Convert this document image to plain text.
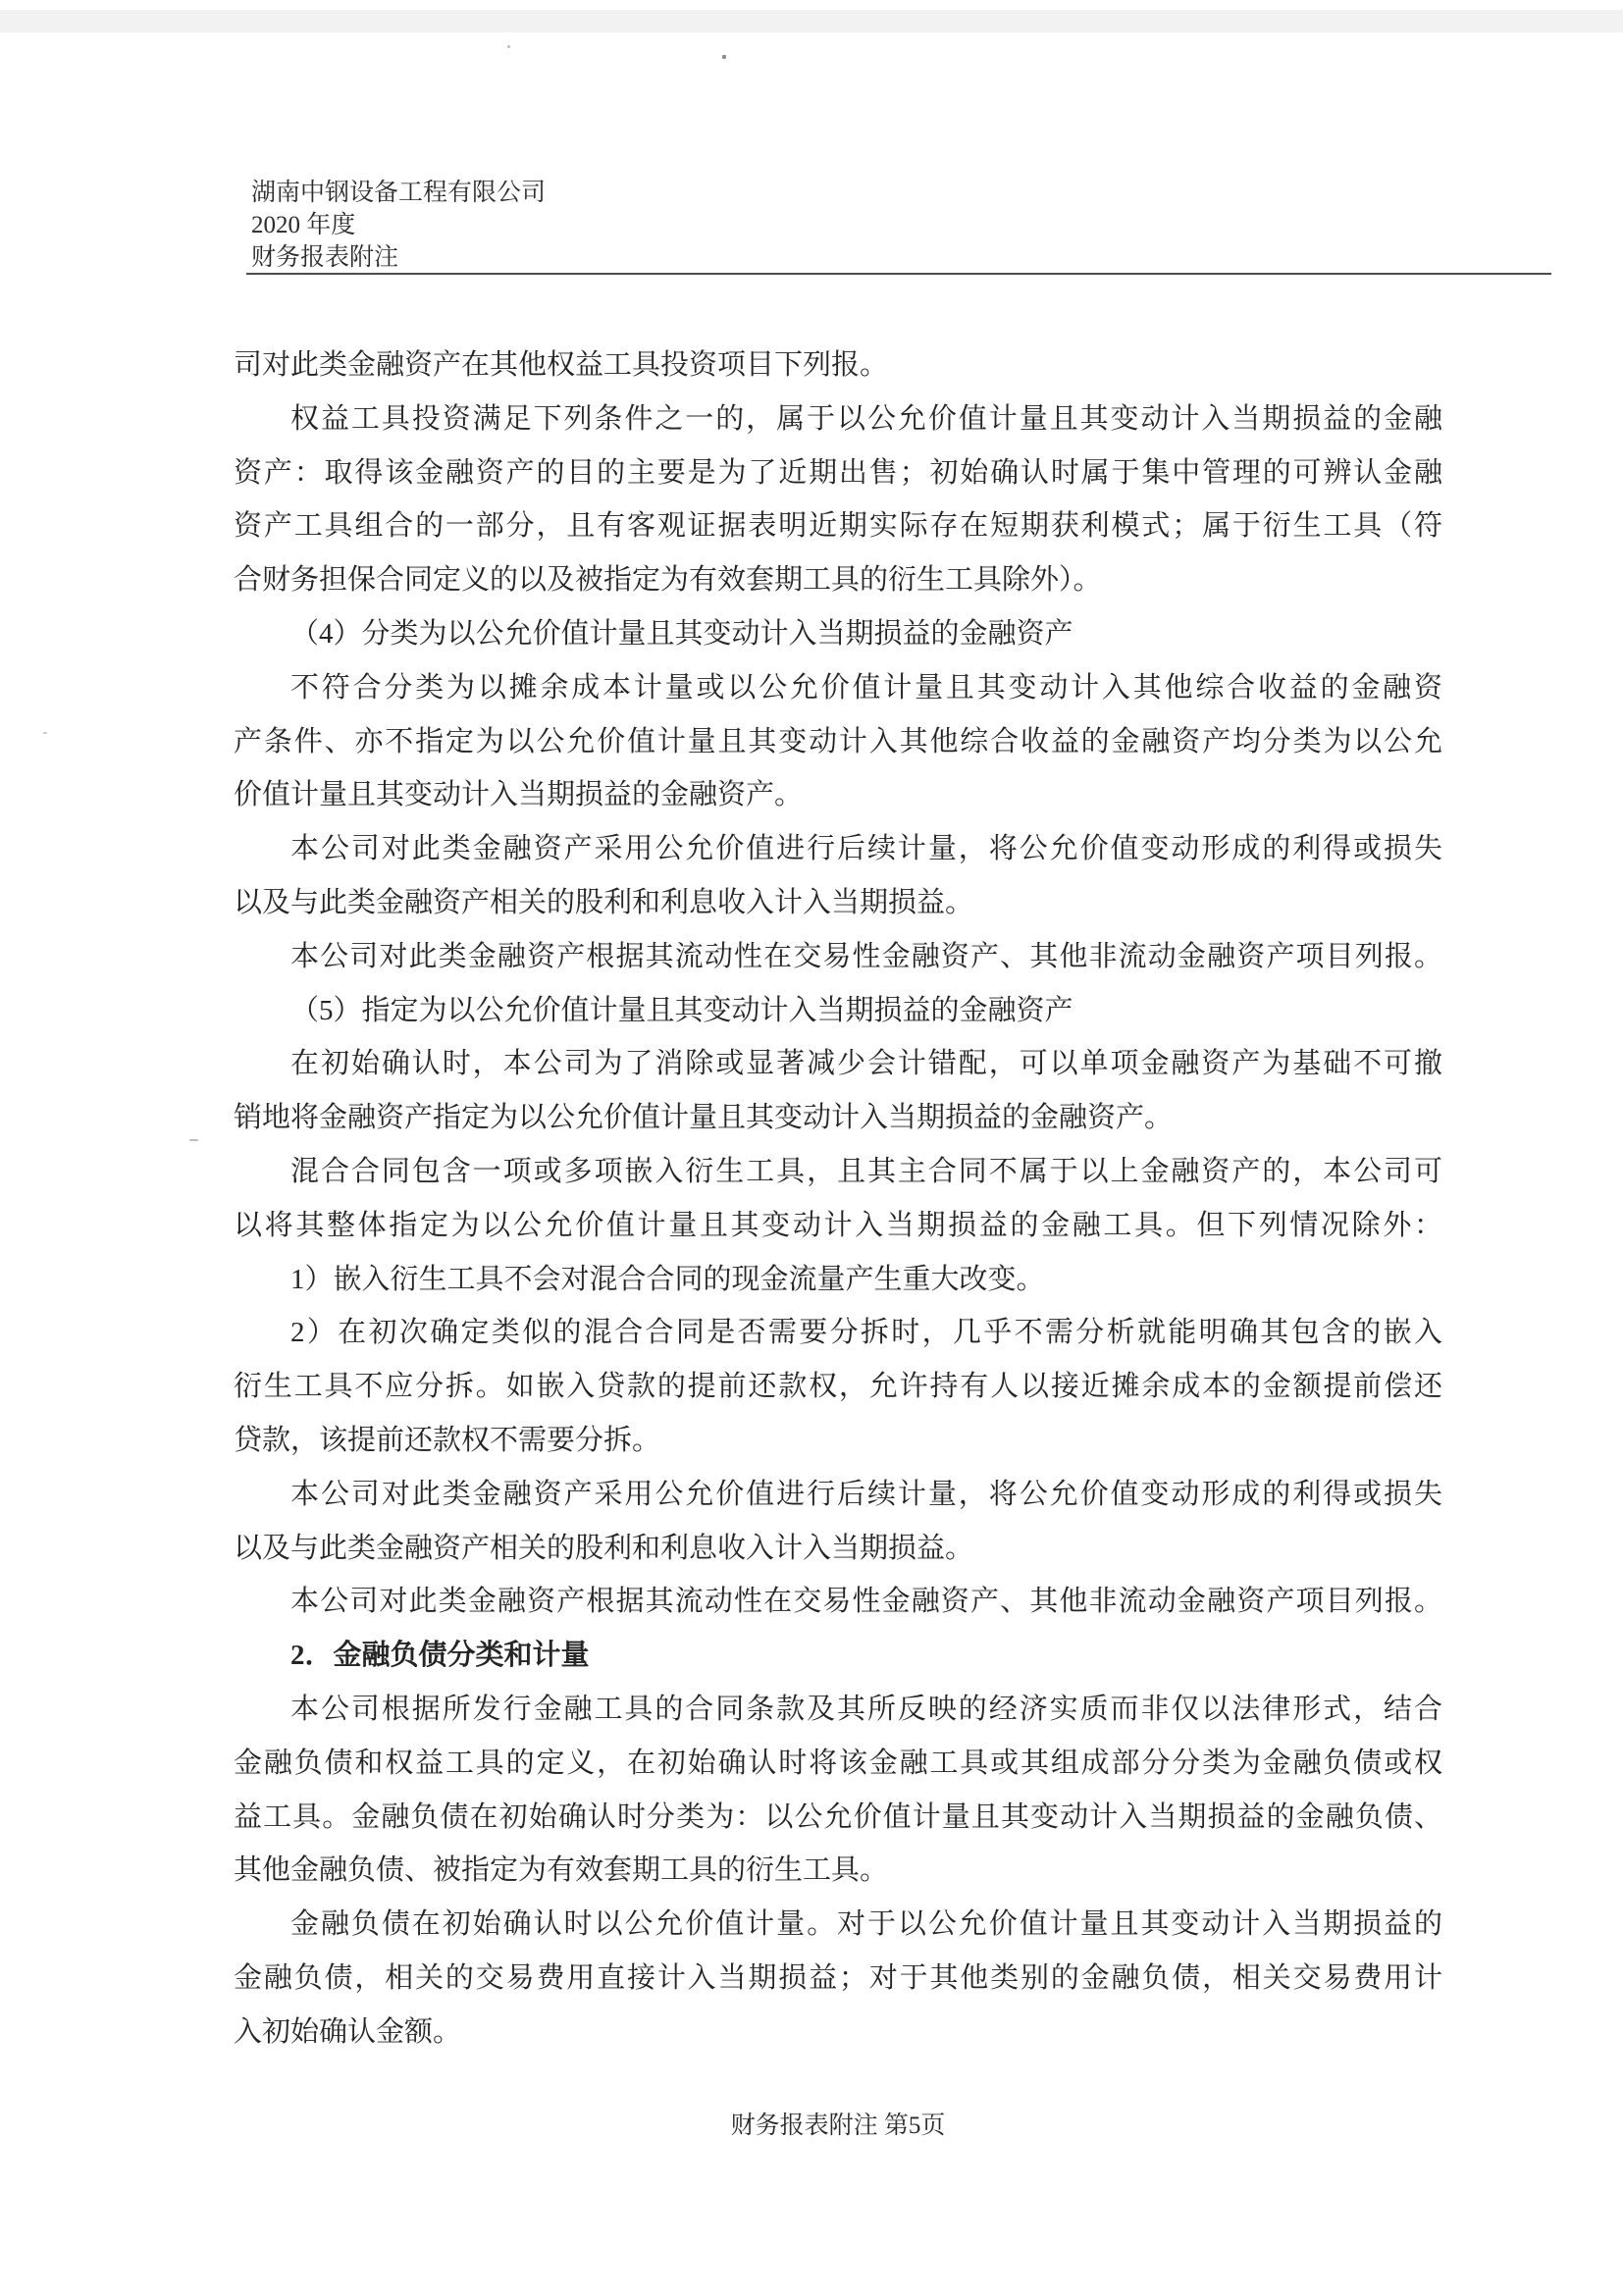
湖南中钢设备工程有限公司
2020 年度
财务报表附注
司对此类金融资产在其他权益工具投资项目下列报。
权益工具投资满足下列条件之一的，属于以公允价值计量且其变动计入当期损益的金融
资产：取得该金融资产的目的主要是为了近期出售；初始确认时属于集中管理的可辨认金融
资产工具组合的一部分，且有客观证据表明近期实际存在短期获利模式；属于衍生工具（符
合财务担保合同定义的以及被指定为有效套期工具的衍生工具除外）。
（4）分类为以公允价值计量且其变动计入当期损益的金融资产
不符合分类为以摊余成本计量或以公允价值计量且其变动计入其他综合收益的金融资
产条件、亦不指定为以公允价值计量且其变动计入其他综合收益的金融资产均分类为以公允
价值计量且其变动计入当期损益的金融资产。
本公司对此类金融资产采用公允价值进行后续计量，将公允价值变动形成的利得或损失
以及与此类金融资产相关的股利和利息收入计入当期损益。
本公司对此类金融资产根据其流动性在交易性金融资产、其他非流动金融资产项目列报。
（5）指定为以公允价值计量且其变动计入当期损益的金融资产
在初始确认时，本公司为了消除或显著减少会计错配，可以单项金融资产为基础不可撤
销地将金融资产指定为以公允价值计量且其变动计入当期损益的金融资产。
混合合同包含一项或多项嵌入衍生工具，且其主合同不属于以上金融资产的，本公司可
以将其整体指定为以公允价值计量且其变动计入当期损益的金融工具。但下列情况除外：
1）嵌入衍生工具不会对混合合同的现金流量产生重大改变。
2）在初次确定类似的混合合同是否需要分拆时，几乎不需分析就能明确其包含的嵌入
衍生工具不应分拆。如嵌入贷款的提前还款权，允许持有人以接近摊余成本的金额提前偿还
贷款，该提前还款权不需要分拆。
本公司对此类金融资产采用公允价值进行后续计量，将公允价值变动形成的利得或损失
以及与此类金融资产相关的股利和利息收入计入当期损益。
本公司对此类金融资产根据其流动性在交易性金融资产、其他非流动金融资产项目列报。
2．金融负债分类和计量
本公司根据所发行金融工具的合同条款及其所反映的经济实质而非仅以法律形式，结合
金融负债和权益工具的定义，在初始确认时将该金融工具或其组成部分分类为金融负债或权
益工具。金融负债在初始确认时分类为：以公允价值计量且其变动计入当期损益的金融负债、
其他金融负债、被指定为有效套期工具的衍生工具。
金融负债在初始确认时以公允价值计量。对于以公允价值计量且其变动计入当期损益的
金融负债，相关的交易费用直接计入当期损益；对于其他类别的金融负债，相关交易费用计
入初始确认金额。
财务报表附注 第5页
